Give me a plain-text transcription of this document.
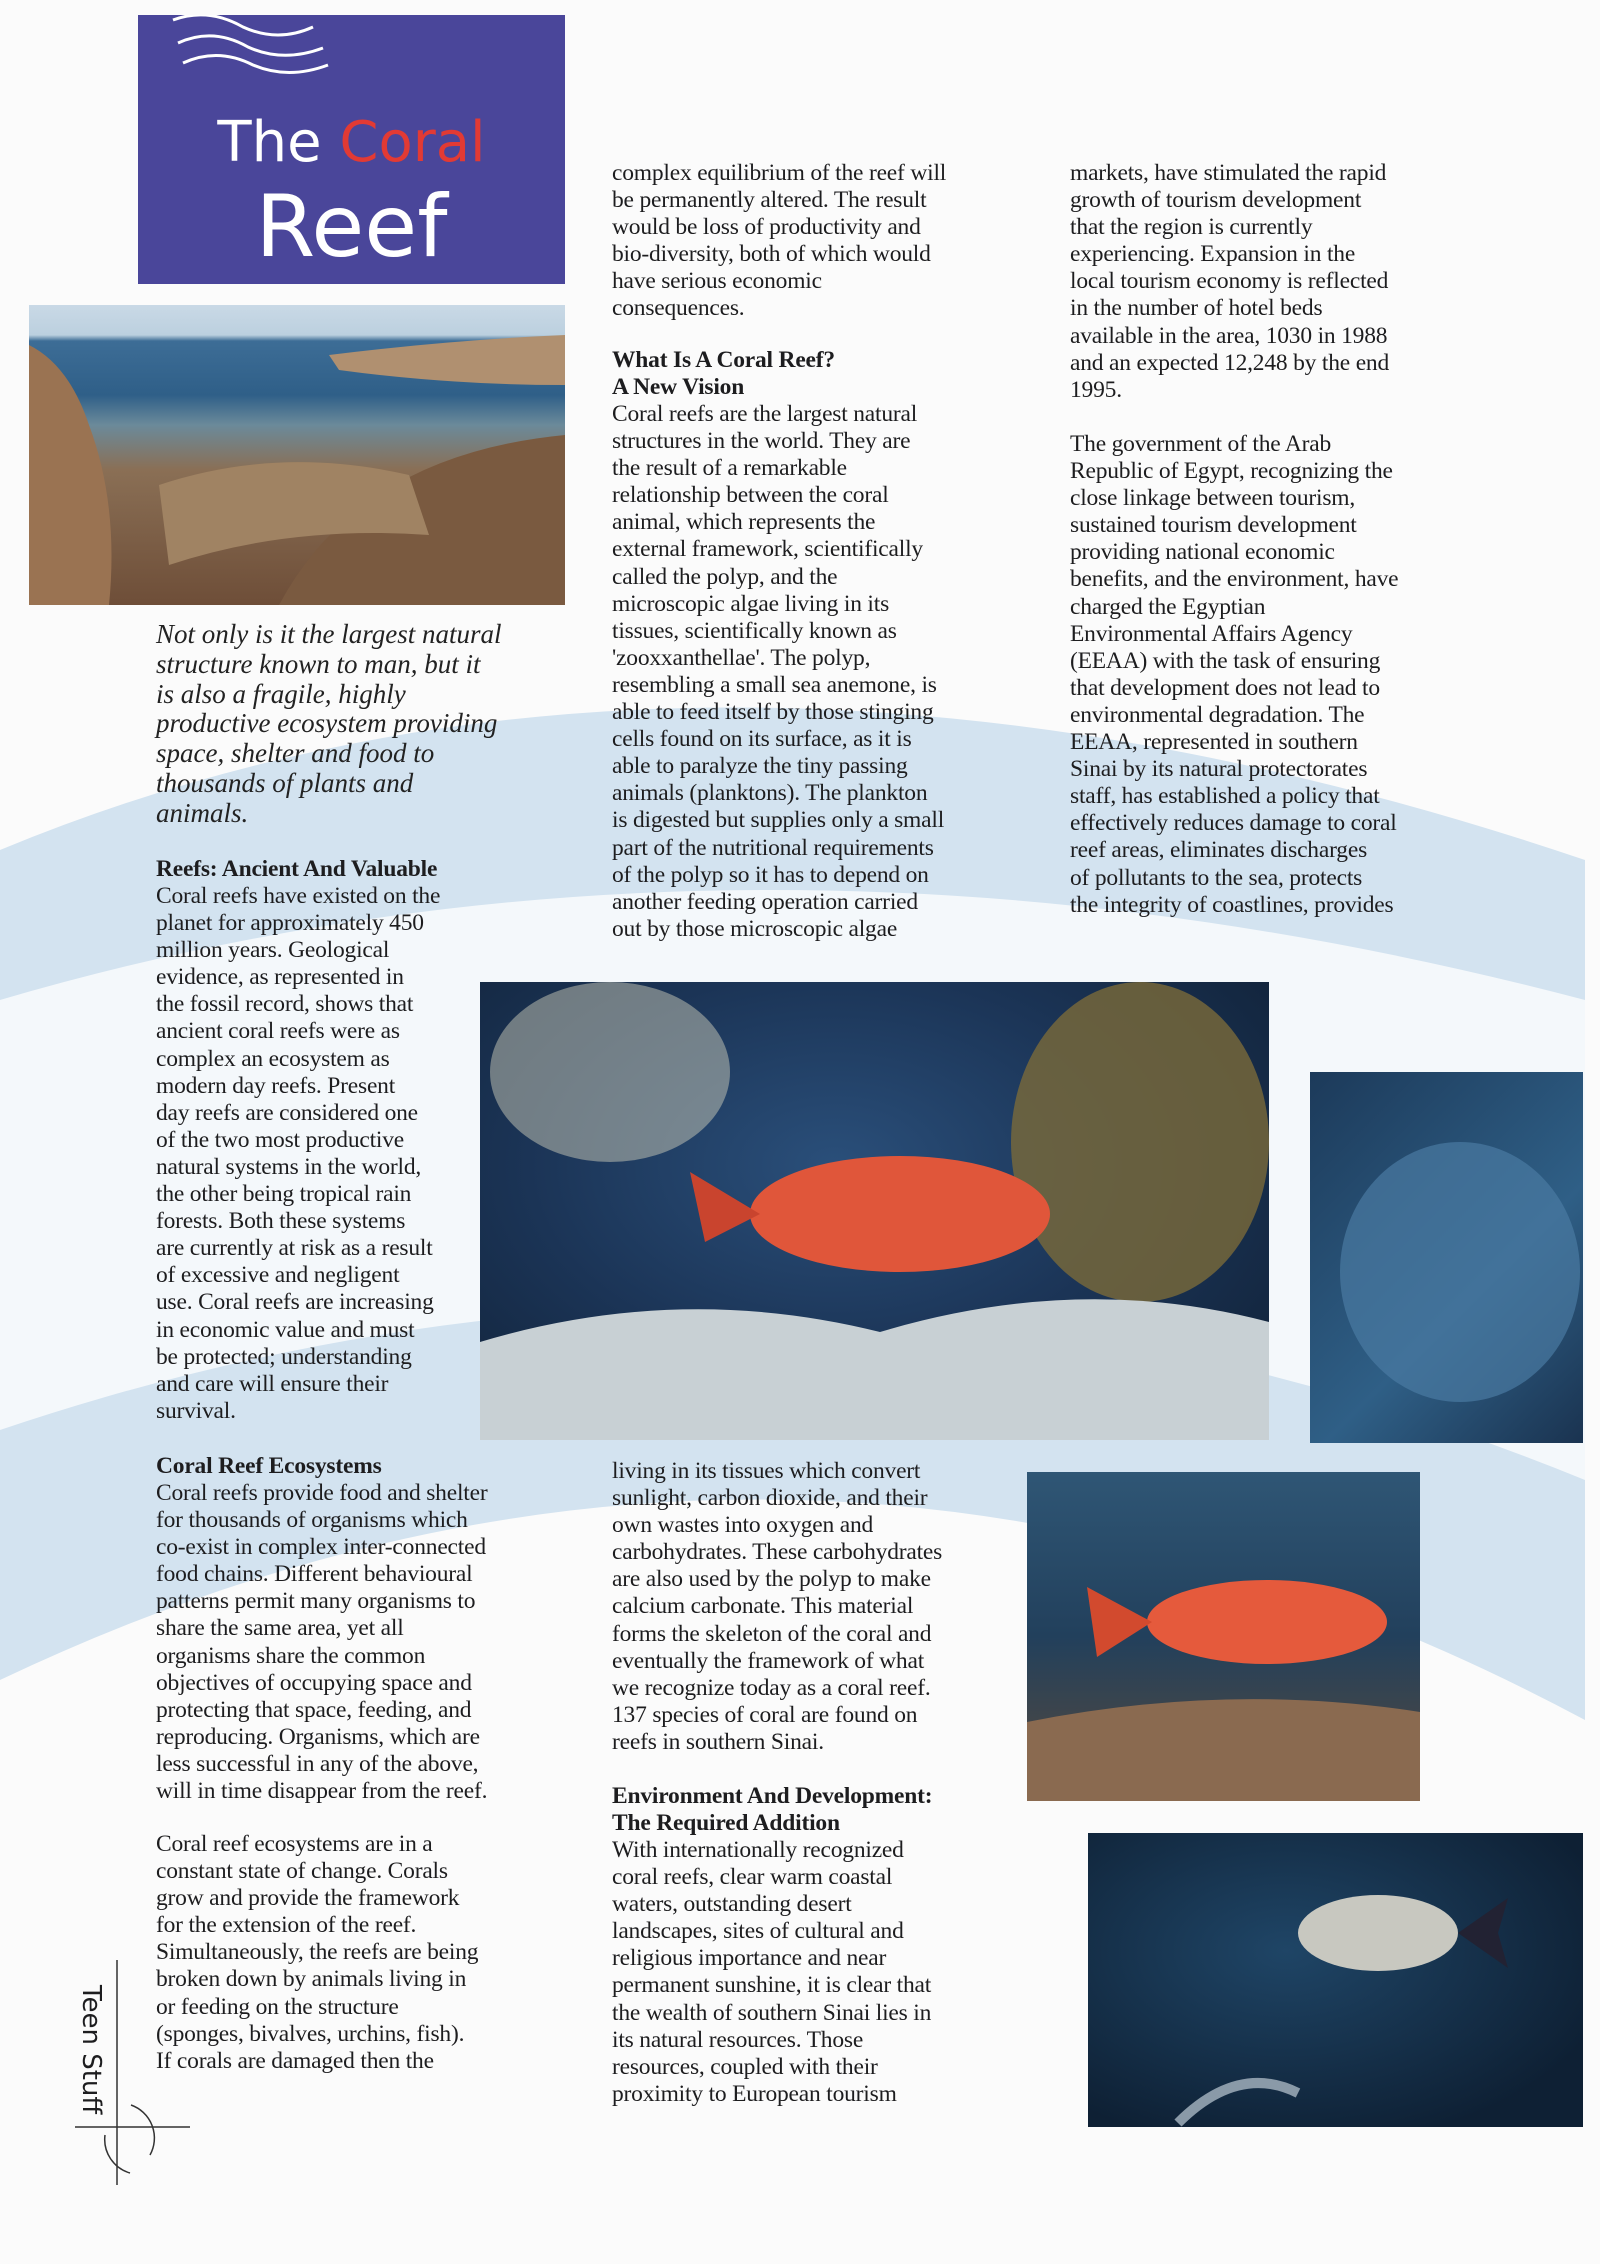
The Coral
Reef
Not only is it the largest natural
structure known to man, but it
is also a fragile, highly
productive ecosystem providing
space, shelter and food to
thousands of plants and
animals.
Reefs: Ancient And Valuable
Coral reefs have existed on the
planet for approximately 450
million years. Geological
evidence, as represented in
the fossil record, shows that
ancient coral reefs were as
complex an ecosystem as
modern day reefs. Present
day reefs are considered one
of the two most productive
natural systems in the world,
the other being tropical rain
forests. Both these systems
are currently at risk as a result
of excessive and negligent
use. Coral reefs are increasing
in economic value and must
be protected; understanding
and care will ensure their
survival.
Coral Reef Ecosystems
Coral reefs provide food and shelter
for thousands of organisms which
co-exist in complex inter-connected
food chains. Different behavioural
patterns permit many organisms to
share the same area, yet all
organisms share the common
objectives of occupying space and
protecting that space, feeding, and
reproducing. Organisms, which are
less successful in any of the above,
will in time disappear from the reef.
Coral reef ecosystems are in a
constant state of change. Corals
grow and provide the framework
for the extension of the reef.
Simultaneously, the reefs are being
broken down by animals living in
or feeding on the structure
(sponges, bivalves, urchins, fish).
If corals are damaged then the
complex equilibrium of the reef will
be permanently altered. The result
would be loss of productivity and
bio-diversity, both of which would
have serious economic
consequences.
What Is A Coral Reef?
A New Vision
Coral reefs are the largest natural
structures in the world. They are
the result of a remarkable
relationship between the coral
animal, which represents the
external framework, scientifically
called the polyp, and the
microscopic algae living in its
tissues, scientifically known as
'zooxxanthellae'. The polyp,
resembling a small sea anemone, is
able to feed itself by those stinging
cells found on its surface, as it is
able to paralyze the tiny passing
animals (planktons). The plankton
is digested but supplies only a small
part of the nutritional requirements
of the polyp so it has to depend on
another feeding operation carried
out by those microscopic algae
living in its tissues which convert
sunlight, carbon dioxide, and their
own wastes into oxygen and
carbohydrates. These carbohydrates
are also used by the polyp to make
calcium carbonate. This material
forms the skeleton of the coral and
eventually the framework of what
we recognize today as a coral reef.
137 species of coral are found on
reefs in southern Sinai.
Environment And Development:
The Required Addition
With internationally recognized
coral reefs, clear warm coastal
waters, outstanding desert
landscapes, sites of cultural and
religious importance and near
permanent sunshine, it is clear that
the wealth of southern Sinai lies in
its natural resources. Those
resources, coupled with their
proximity to European tourism
markets, have stimulated the rapid
growth of tourism development
that the region is currently
experiencing. Expansion in the
local tourism economy is reflected
in the number of hotel beds
available in the area, 1030 in 1988
and an expected 12,248 by the end
1995.
The government of the Arab
Republic of Egypt, recognizing the
close linkage between tourism,
sustained tourism development
providing national economic
benefits, and the environment, have
charged the Egyptian
Environmental Affairs Agency
(EEAA) with the task of ensuring
that development does not lead to
environmental degradation. The
EEAA, represented in southern
Sinai by its natural protectorates
staff, has established a policy that
effectively reduces damage to coral
reef areas, eliminates discharges
of pollutants to the sea, protects
the integrity of coastlines, provides
Teen Stuff
